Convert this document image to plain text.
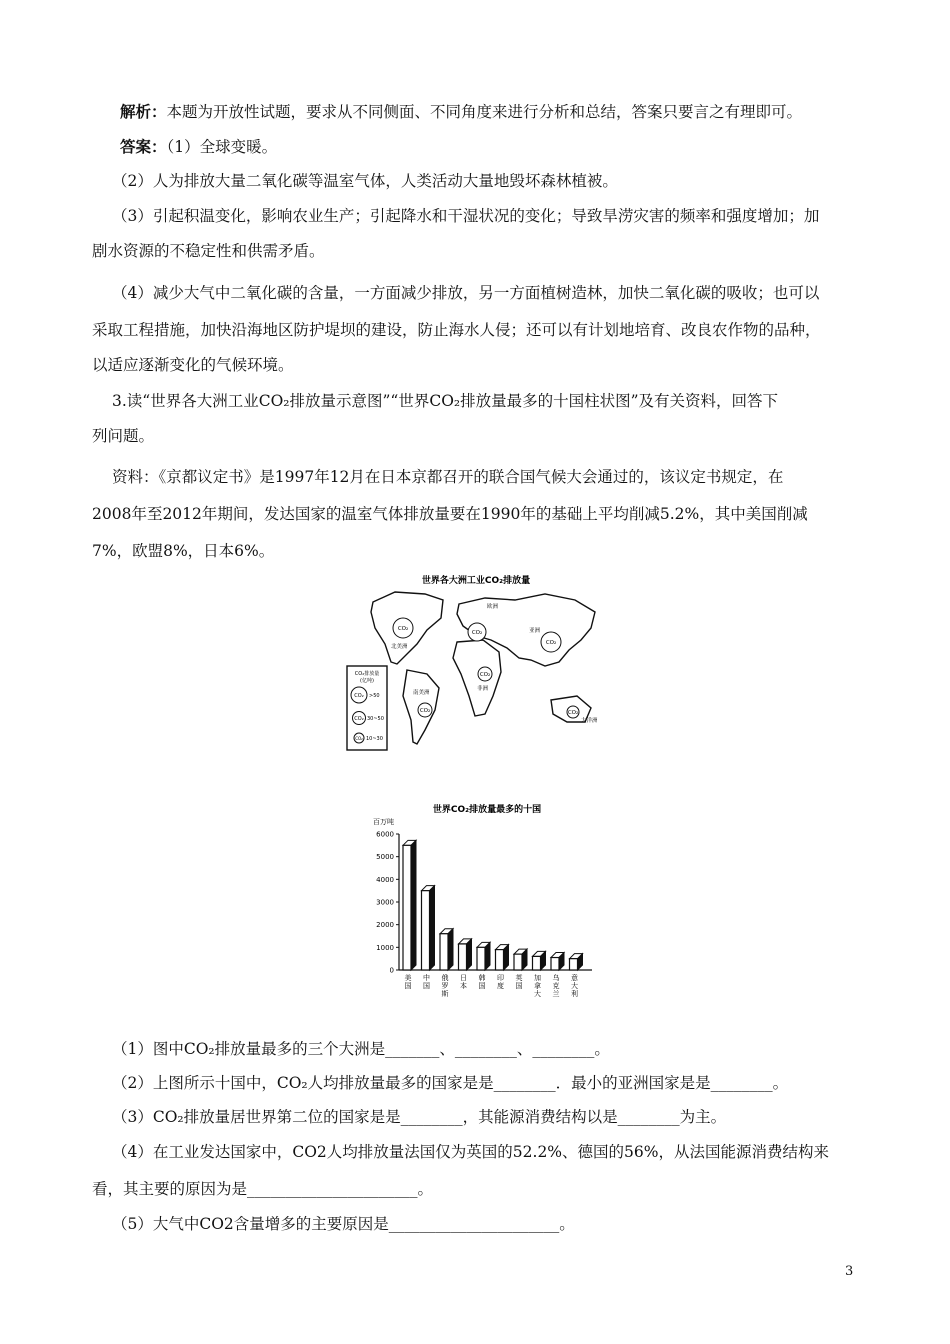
解析：本题为开放性试题，要求从不同侧面、不同角度来进行分析和总结，答案只要言之有理即可。
答案：（1）全球变暖。
（2）人为排放大量二氧化碳等温室气体，人类活动大量地毁坏森林植被。
（3）引起积温变化，影响农业生产；引起降水和干湿状况的变化；导致旱涝灾害的频率和强度增加；加
剧水资源的不稳定性和供需矛盾。
（4）减少大气中二氧化碳的含量，一方面减少排放，另一方面植树造林，加快二氧化碳的吸收；也可以
采取工程措施，加快沿海地区防护堤坝的建设，防止海水人侵；还可以有计划地培育、改良农作物的品种，
以适应逐渐变化的气候环境。
3.读“世界各大洲工业CO₂排放量示意图”“世界CO₂排放量最多的十国柱状图”及有关资料，回答下
列问题。
资料：《京都议定书》是1997年12月在日本京都召开的联合国气候大会通过的，该议定书规定，在
2008年至2012年期间，发达国家的温室气体排放量要在1990年的基础上平均削减5.2%，其中美国削减
7%，欧盟8%，日本6%。
世界各大洲工业CO₂排放量
CO₂
CO₂
CO₂
CO₂
CO₂	CO₂
北美洲
欧洲
亚洲
非洲
南美洲
大洋洲
CO₂排放量
(亿吨)
CO₂ >50
CO₂ 30~50
CO₂ 10~30
世界CO₂排放量最多的十国
百万吨
0
1000
2000
3000
4000
5000
6000
美
国
中
国
俄
罗
斯
日
本
韩
国
印
度
英
国
加
拿
大
乌
克
兰
意
大
利
（1）图中CO₂排放量最多的三个大洲是_______、________、________。
（2）上图所示十国中，CO₂人均排放量最多的国家是是________．最小的亚洲国家是是________。
（3）CO₂排放量居世界第二位的国家是是________，其能源消费结构以是________为主。
（4）在工业发达国家中，CO2人均排放量法国仅为英国的52.2%、德国的56%，从法国能源消费结构来
看，其主要的原因为是______________________。
（5）大气中CO2含量增多的主要原因是______________________。
3
